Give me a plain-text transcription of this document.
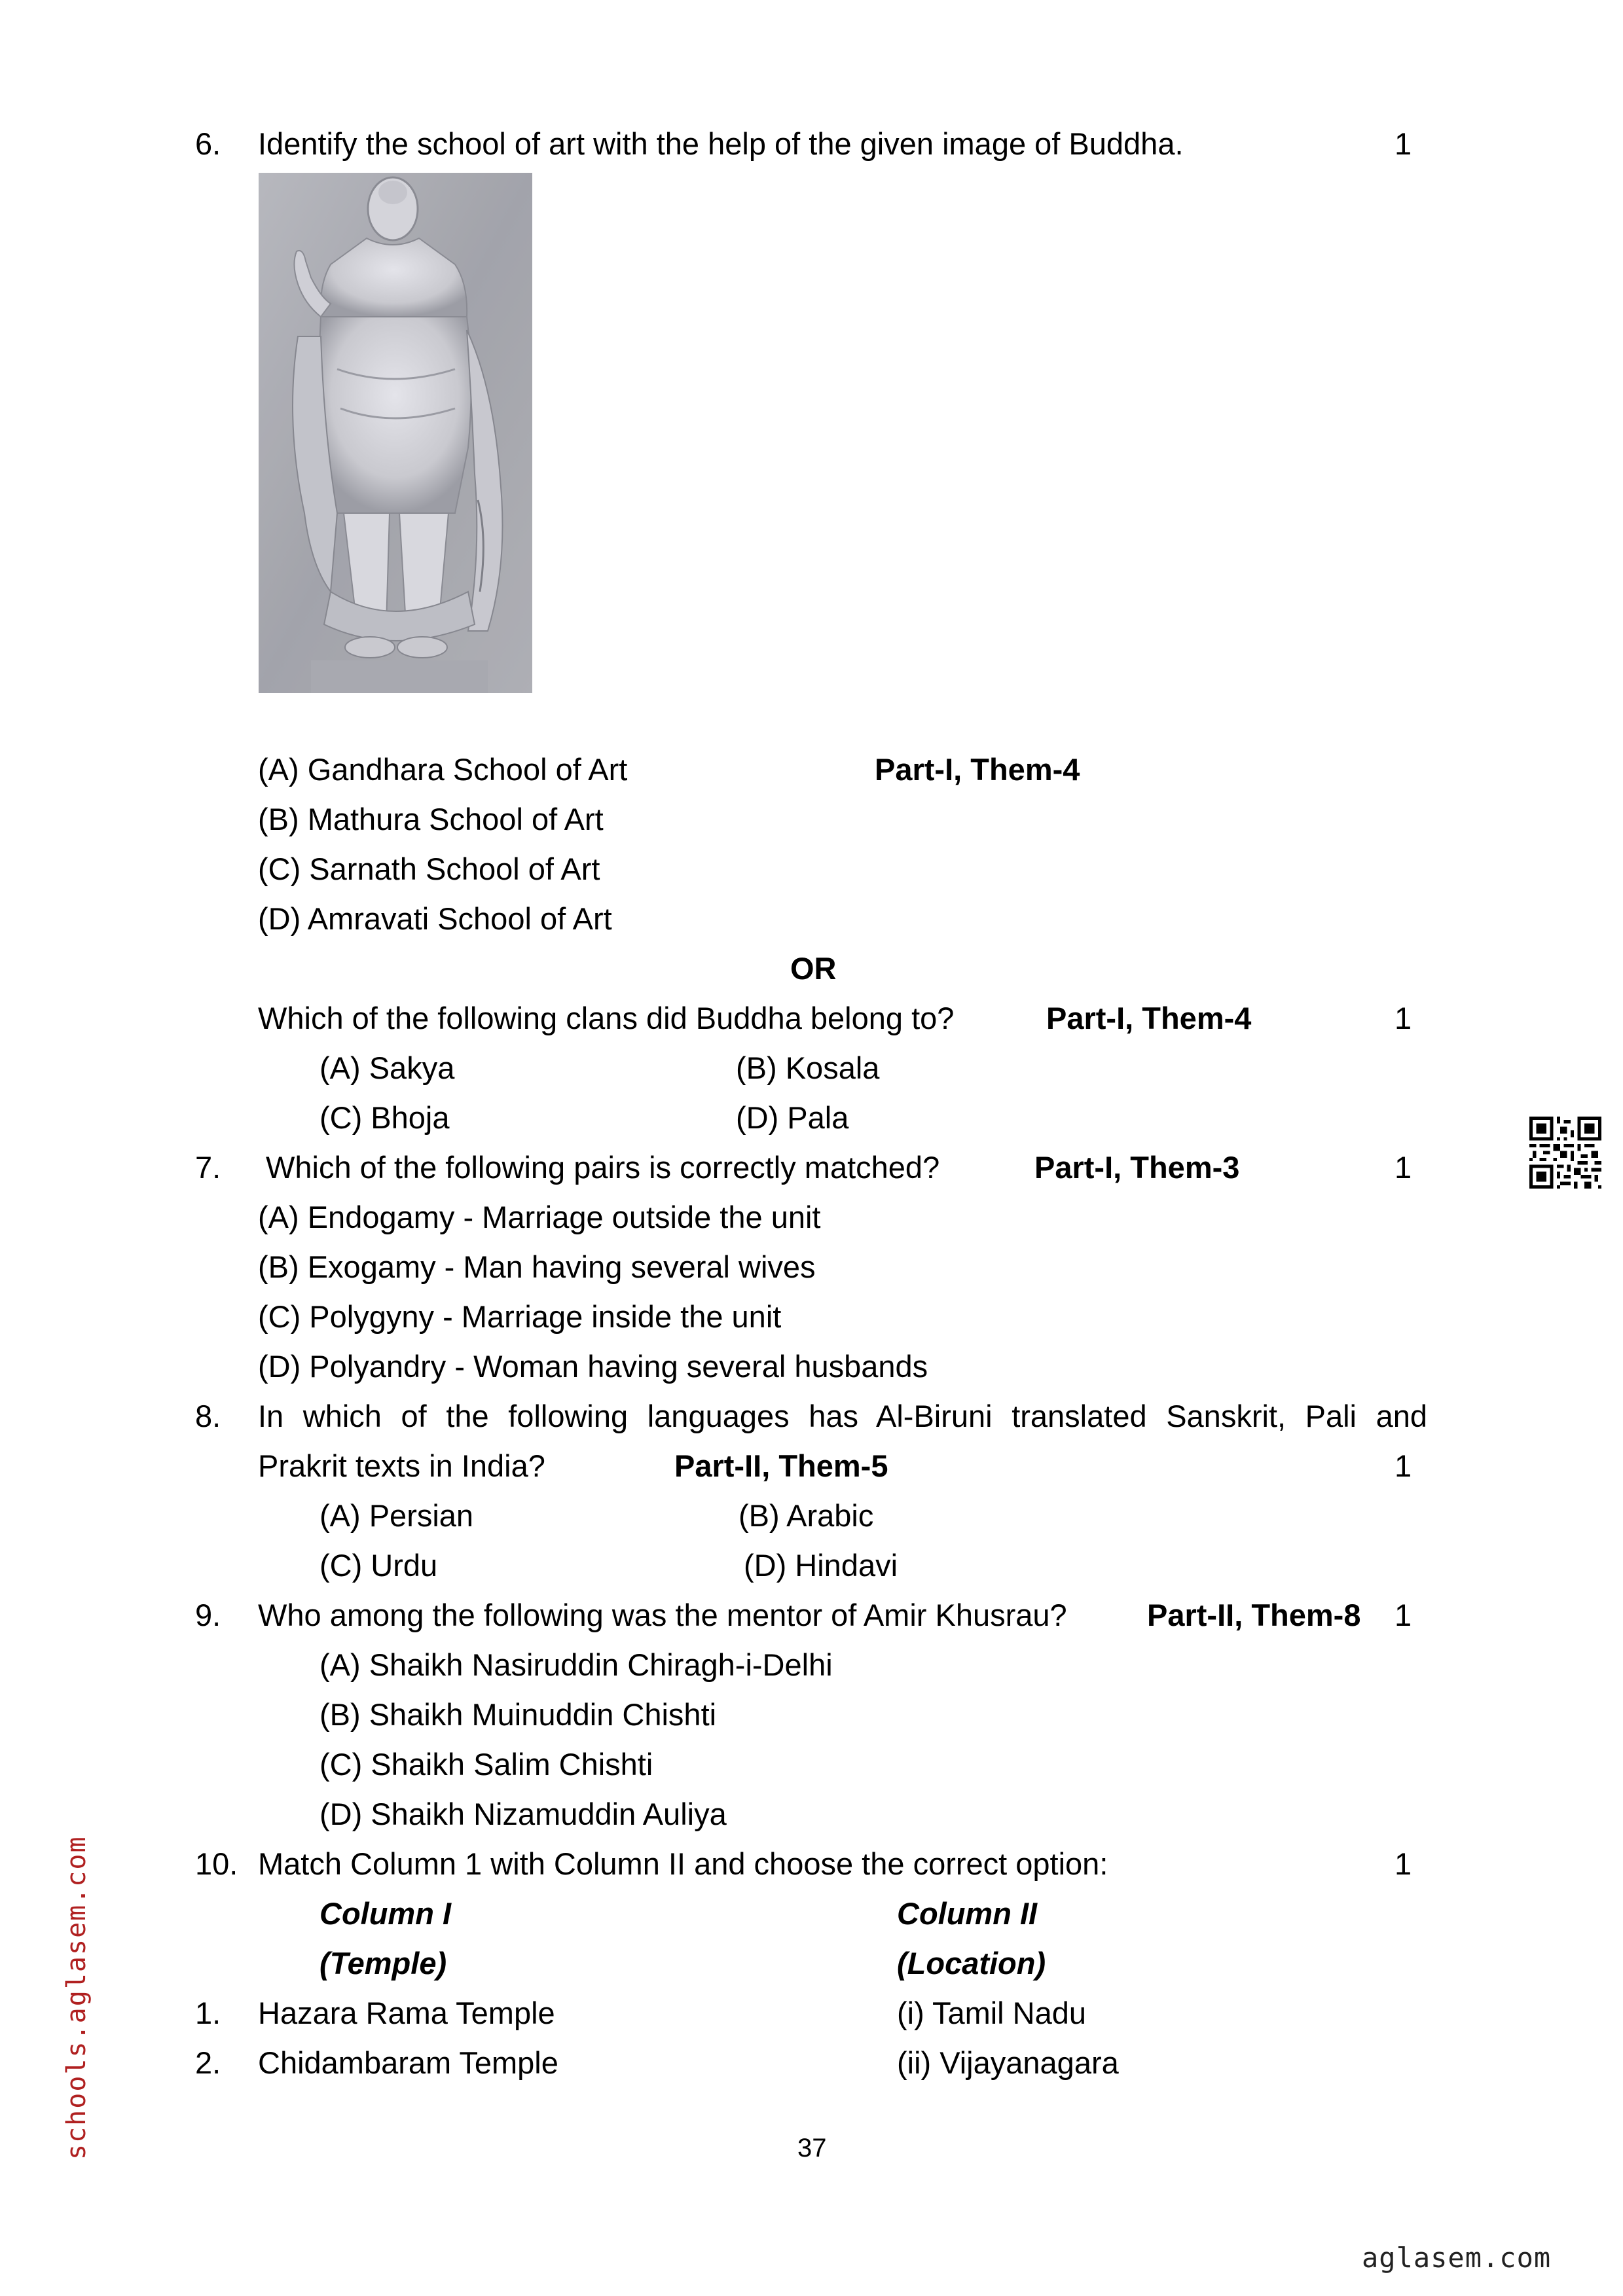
6. Identify the school of art with the help of the given image of Buddha.	1
(A) Gandhara School of Art	Part-I, Them-4
(B) Mathura School of Art
(C) Sarnath School of Art
(D) Amravati School of Art
OR
Which of the following clans did Buddha belong to?	Part-I, Them-4	1
(A) Sakya	(B) Kosala
(C) Bhoja	(D) Pala
7. Which of the following pairs is correctly matched?	Part-I, Them-3	1
(A) Endogamy - Marriage outside the unit
(B) Exogamy - Man having several wives
(C) Polygyny - Marriage inside the unit
(D) Polyandry - Woman having several husbands
8. In which of the following languages has Al-Biruni translated Sanskrit, Pali and
Prakrit texts in India?	Part-II, Them-5	1
(A) Persian	(B) Arabic
(C) Urdu	(D) Hindavi
9. Who among the following was the mentor of Amir Khusrau?	Part-II, Them-8 1
(A) Shaikh Nasiruddin Chiragh-i-Delhi
(B) Shaikh Muinuddin Chishti
(C) Shaikh Salim Chishti
(D) Shaikh Nizamuddin Auliya
10. Match Column 1 with Column II and choose the correct option:	1
Column I	Column II
(Temple)	(Location)
1. Hazara Rama Temple	(i) Tamil Nadu
2. Chidambaram Temple	(ii) Vijayanagara
37
schools.aglasem.com
aglasem.com
